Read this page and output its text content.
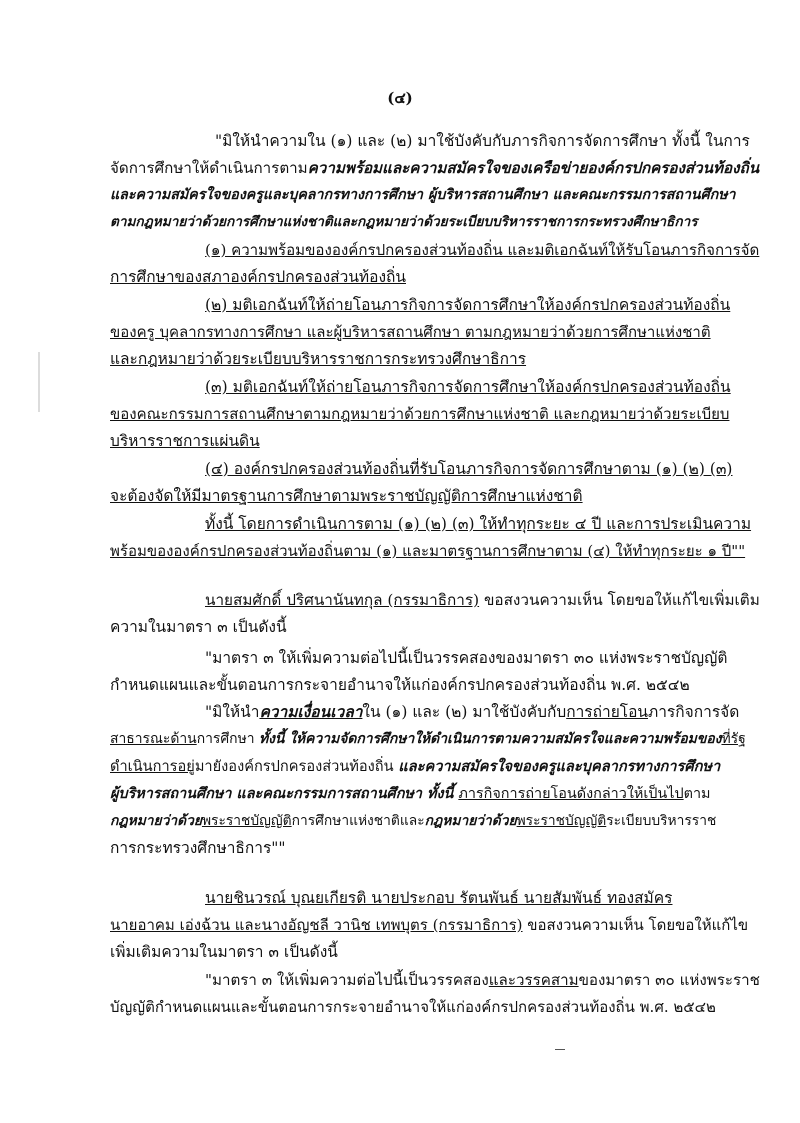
(๔)
"มิให้นำความใน (๑) และ (๒) มาใช้บังคับกับภารกิจการจัดการศึกษา ทั้งนี้ ในการ
จัดการศึกษาให้ดำเนินการตามความพร้อมและความสมัครใจของเครือข่ายองค์กรปกครองส่วนท้องถิ่น
และความสมัครใจของครูและบุคลากรทางการศึกษา ผู้บริหารสถานศึกษา และคณะกรรมการสถานศึกษา
ตามกฎหมายว่าด้วยการศึกษาแห่งชาติและกฎหมายว่าด้วยระเบียบบริหารราชการกระทรวงศึกษาธิการ
(๑) ความพร้อมขององค์กรปกครองส่วนท้องถิ่น และมติเอกฉันท์ให้รับโอนภารกิจการจัด
การศึกษาของสภาองค์กรปกครองส่วนท้องถิ่น
(๒) มติเอกฉันท์ให้ถ่ายโอนภารกิจการจัดการศึกษาให้องค์กรปกครองส่วนท้องถิ่น
ของครู บุคลากรทางการศึกษา และผู้บริหารสถานศึกษา ตามกฎหมายว่าด้วยการศึกษาแห่งชาติ
และกฎหมายว่าด้วยระเบียบบริหารราชการกระทรวงศึกษาธิการ
(๓) มติเอกฉันท์ให้ถ่ายโอนภารกิจการจัดการศึกษาให้องค์กรปกครองส่วนท้องถิ่น
ของคณะกรรมการสถานศึกษาตามกฎหมายว่าด้วยการศึกษาแห่งชาติ และกฎหมายว่าด้วยระเบียบ
บริหารราชการแผ่นดิน
(๔) องค์กรปกครองส่วนท้องถิ่นที่รับโอนภารกิจการจัดการศึกษาตาม (๑) (๒) (๓)
จะต้องจัดให้มีมาตรฐานการศึกษาตามพระราชบัญญัติการศึกษาแห่งชาติ
ทั้งนี้ โดยการดำเนินการตาม (๑) (๒) (๓) ให้ทำทุกระยะ ๔ ปี และการประเมินความ
พร้อมขององค์กรปกครองส่วนท้องถิ่นตาม (๑) และมาตรฐานการศึกษาตาม (๔) ให้ทำทุกระยะ ๑ ปี""
นายสมศักดิ์ ปริศนานันทกุล (กรรมาธิการ) ขอสงวนความเห็น โดยขอให้แก้ไขเพิ่มเติม
ความในมาตรา ๓ เป็นดังนี้
"มาตรา ๓ ให้เพิ่มความต่อไปนี้เป็นวรรคสองของมาตรา ๓๐ แห่งพระราชบัญญัติ
กำหนดแผนและขั้นตอนการกระจายอำนาจให้แก่องค์กรปกครองส่วนท้องถิ่น พ.ศ. ๒๕๔๒
"มิให้นำความเงื่อนเวลาใน (๑) และ (๒) มาใช้บังคับกับการถ่ายโอนภารกิจการจัด
สาธารณะด้านการศึกษา ทั้งนี้ ให้ความจัดการศึกษาให้ดำเนินการตามความสมัครใจและความพร้อมของที่รัฐ
ดำเนินการอยู่มายังองค์กรปกครองส่วนท้องถิ่น และความสมัครใจของครูและบุคลากรทางการศึกษา
ผู้บริหารสถานศึกษา และคณะกรรมการสถานศึกษา ทั้งนี้ ภารกิจการถ่ายโอนดังกล่าวให้เป็นไปตาม
กฎหมายว่าด้วยพระราชบัญญัติการศึกษาแห่งชาติและกฎหมายว่าด้วยพระราชบัญญัติระเบียบบริหารราช
การกระทรวงศึกษาธิการ""
นายชินวรณ์ บุณยเกียรติ นายประกอบ รัตนพันธ์ นายสัมพันธ์ ทองสมัคร
นายอาคม เอ่งฉ้วน และนางอัญชลี วานิช เทพบุตร (กรรมาธิการ) ขอสงวนความเห็น โดยขอให้แก้ไข
เพิ่มเติมความในมาตรา ๓ เป็นดังนี้
"มาตรา ๓ ให้เพิ่มความต่อไปนี้เป็นวรรคสองและวรรคสามของมาตรา ๓๐ แห่งพระราช
บัญญัติกำหนดแผนและขั้นตอนการกระจายอำนาจให้แก่องค์กรปกครองส่วนท้องถิ่น พ.ศ. ๒๕๔๒
